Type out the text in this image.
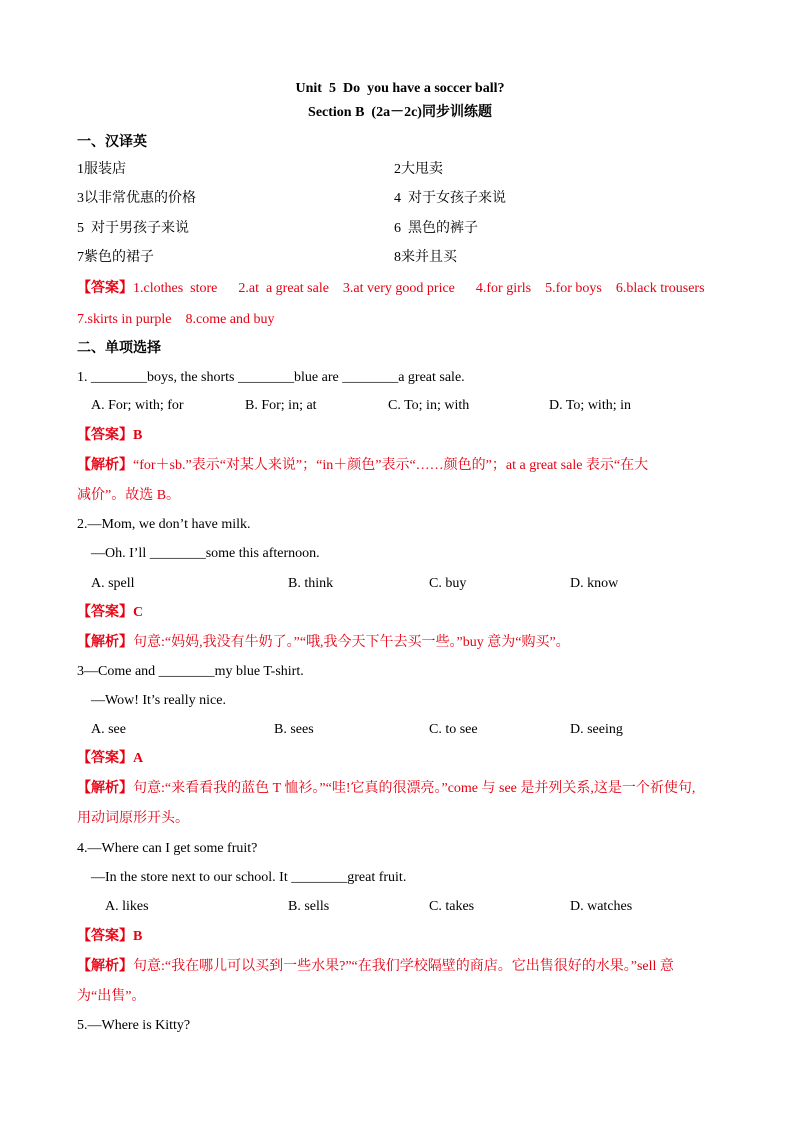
Unit  5  Do  you have a soccer ball?
Section B  (2a－2c)同步训练题
一、汉译英
1服装店	2大甩卖
3以非常优惠的价格	4  对于女孩子来说
5  对于男孩子来说	6  黑色的裤子
7紫色的裙子	8来并且买
【答案】1.clothes  store      2.at  a great sale    3.at very good price      4.for girls    5.for boys    6.black trousers
7.skirts in purple    8.come and buy
二、单项选择
1. ________boys, the shorts ________blue are ________a great sale.
A. For; with; for	B. For; in; at	C. To; in; with	D. To; with; in
【答案】B
【解析】“for＋sb.”表示“对某人来说”；“in＋颜色”表示“……颜色的”；at a great sale 表示“在大
减价”。故选 B。
2.—Mom, we don’t have milk.
—Oh. I’ll ________some this afternoon.
A. spell	B. think	C. buy	D. know
【答案】C
【解析】句意:“妈妈,我没有牛奶了。”“哦,我今天下午去买一些。”buy 意为“购买”。
3—Come and ________my blue T-shirt.
—Wow! It’s really nice.
A. see	B. sees	C. to see	D. seeing
【答案】A
【解析】句意:“来看看我的蓝色 T 恤衫。”“哇!它真的很漂亮。”come 与 see 是并列关系,这是一个祈使句,
用动词原形开头。
4.—Where can I get some fruit?
—In the store next to our school. It ________great fruit.
A. likes	B. sells	C. takes	D. watches
【答案】B
【解析】句意:“我在哪儿可以买到一些水果?”“在我们学校隔壁的商店。它出售很好的水果。”sell 意
为“出售”。
5.—Where is Kitty?
